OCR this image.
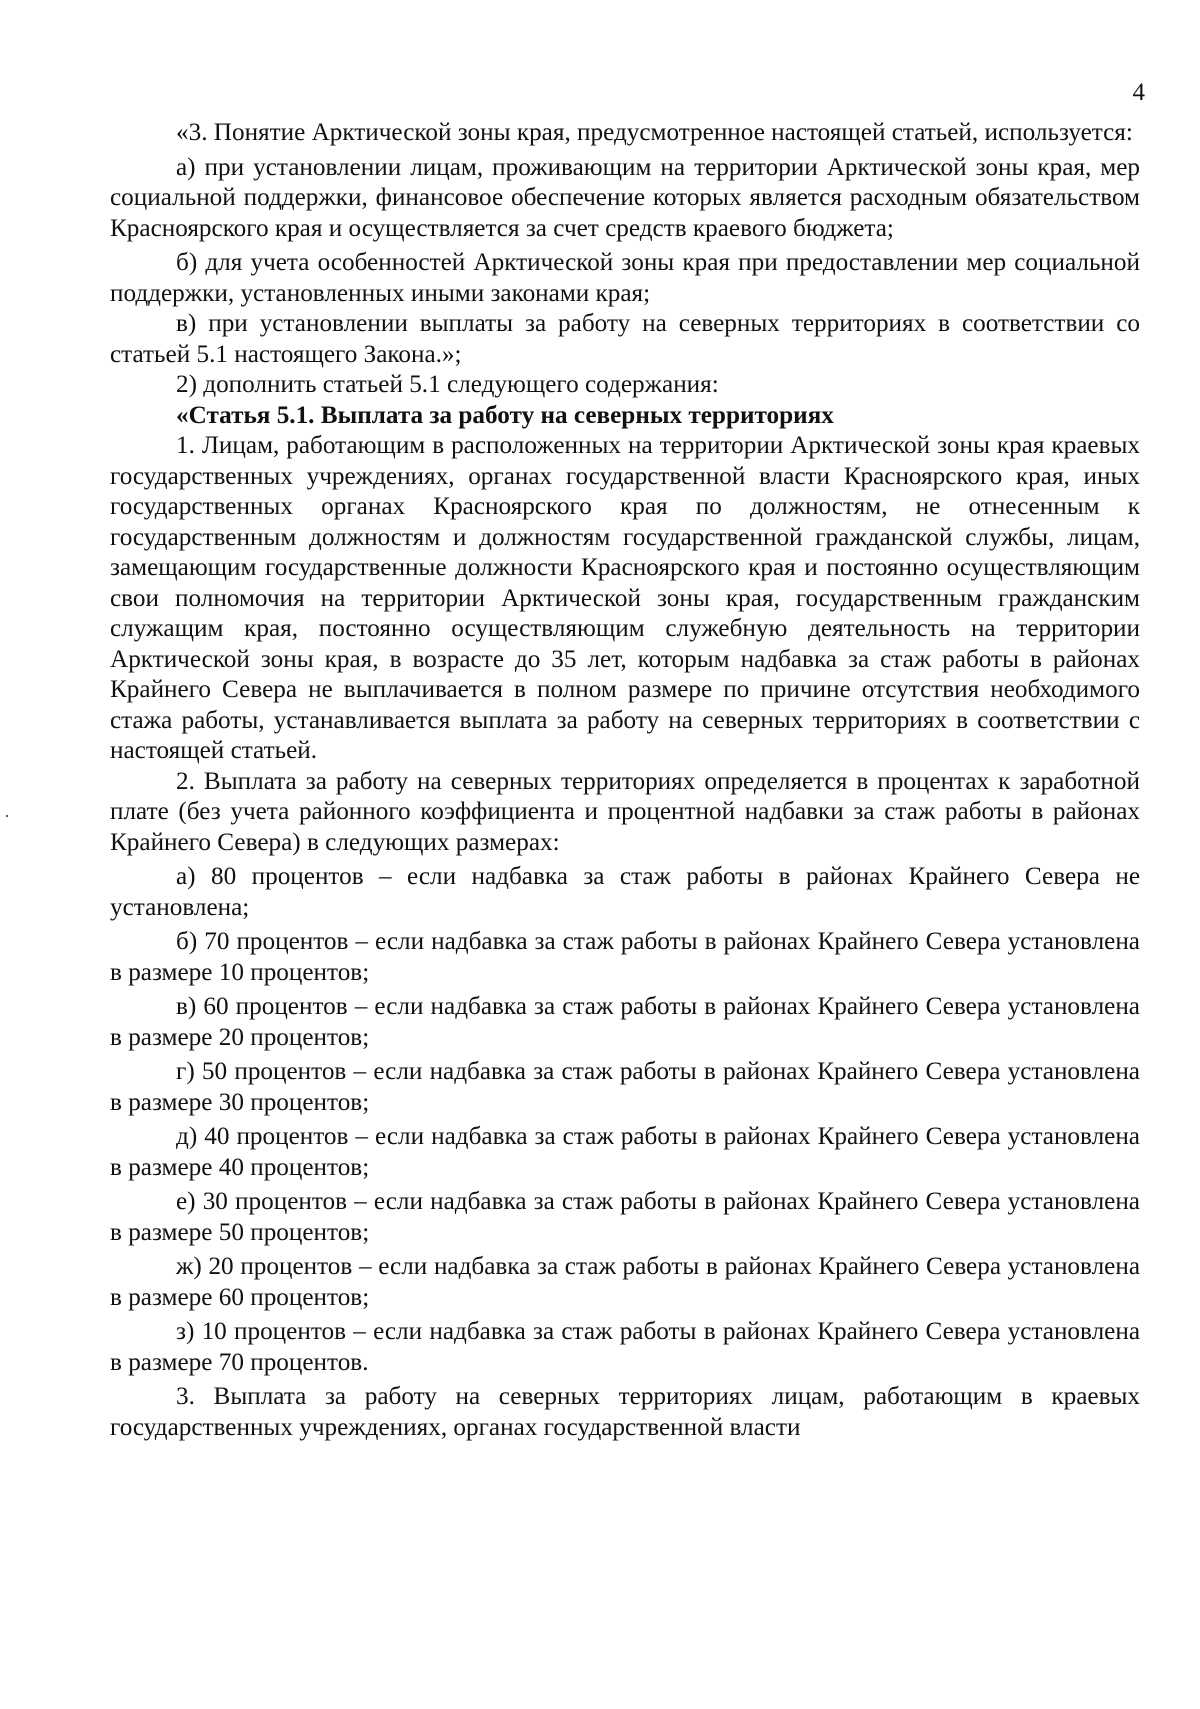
4

«3. Понятие Арктической зоны края, предусмотренное настоящей статьей, используется:

а) при установлении лицам, проживающим на территории Арктической зоны края, мер социальной поддержки, финансовое обеспечение которых является расходным обязательством Красноярского края и осуществляется за счет средств краевого бюджета;

б) для учета особенностей Арктической зоны края при предоставлении мер социальной поддержки, установленных иными законами края;

в) при установлении выплаты за работу на северных территориях в соответствии со статьей 5.1 настоящего Закона.»;

2) дополнить статьей 5.1 следующего содержания:

«Статья 5.1. Выплата за работу на северных территориях

1. Лицам, работающим в расположенных на территории Арктической зоны края краевых государственных учреждениях, органах государственной власти Красноярского края, иных государственных органах Красноярского края по должностям, не отнесенным к государственным должностям и должностям государственной гражданской службы, лицам, замещающим государственные должности Красноярского края и постоянно осуществляющим свои полномочия на территории Арктической зоны края, государственным гражданским служащим края, постоянно осуществляющим служебную деятельность на территории Арктической зоны края, в возрасте до 35 лет, которым надбавка за стаж работы в районах Крайнего Севера не выплачивается в полном размере по причине отсутствия необходимого стажа работы, устанавливается выплата за работу на северных территориях в соответствии с настоящей статьей.

2. Выплата за работу на северных территориях определяется в процентах к заработной плате (без учета районного коэффициента и процентной надбавки за стаж работы в районах Крайнего Севера) в следующих размерах:

а) 80 процентов – если надбавка за стаж работы в районах Крайнего Севера не установлена;

б) 70 процентов – если надбавка за стаж работы в районах Крайнего Севера установлена в размере 10 процентов;

в) 60 процентов – если надбавка за стаж работы в районах Крайнего Севера установлена в размере 20 процентов;

г) 50 процентов – если надбавка за стаж работы в районах Крайнего Севера установлена в размере 30 процентов;

д) 40 процентов – если надбавка за стаж работы в районах Крайнего Севера установлена в размере 40 процентов;

е) 30 процентов – если надбавка за стаж работы в районах Крайнего Севера установлена в размере 50 процентов;

ж) 20 процентов – если надбавка за стаж работы в районах Крайнего Севера установлена в размере 60 процентов;

з) 10 процентов – если надбавка за стаж работы в районах Крайнего Севера установлена в размере 70 процентов.

3. Выплата за работу на северных территориях лицам, работающим в краевых государственных учреждениях, органах государственной власти
